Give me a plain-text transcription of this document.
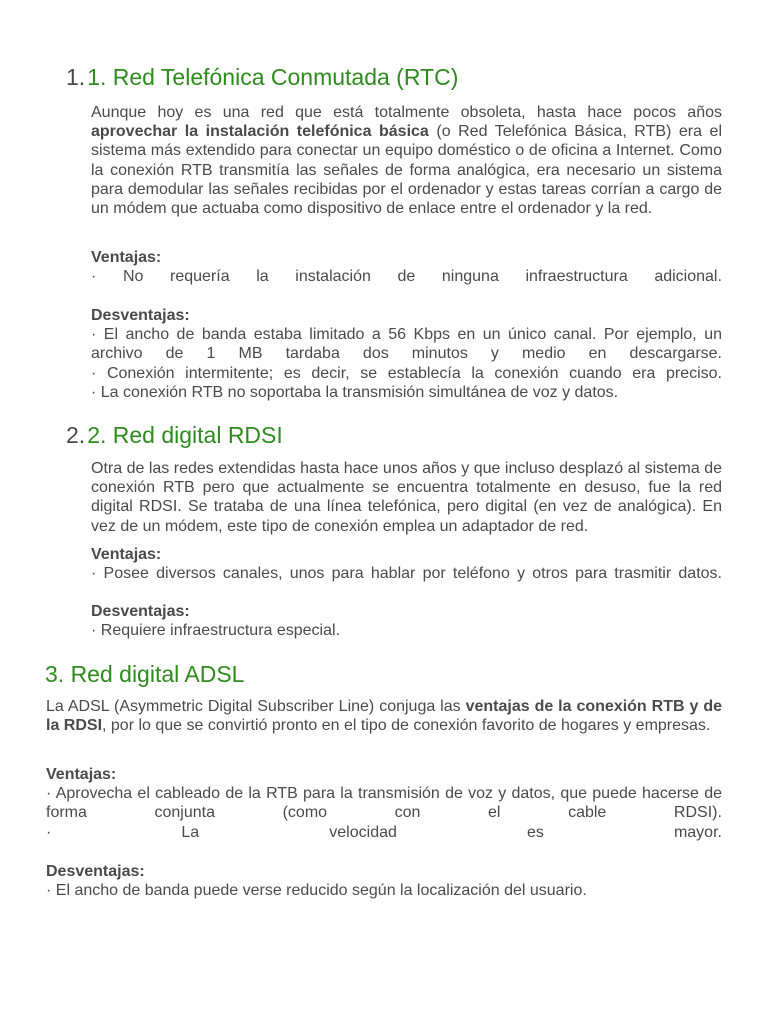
1.1. Red Telefónica Conmutada (RTC)

Aunque hoy es una red que está totalmente obsoleta, hasta hace pocos años aprovechar la instalación telefónica básica (o Red Telefónica Básica, RTB) era el sistema más extendido para conectar un equipo doméstico o de oficina a Internet. Como la conexión RTB transmitía las señales de forma analógica, era necesario un sistema para demodular las señales recibidas por el ordenador y estas tareas corrían a cargo de un módem que actuaba como dispositivo de enlace entre el ordenador y la red.

Ventajas:

· No requería la instalación de ninguna infraestructura adicional.

Desventajas:

· El ancho de banda estaba limitado a 56 Kbps en un único canal. Por ejemplo, un
archivo de 1 MB tardaba dos minutos y medio en descargarse.
· Conexión intermitente; es decir, se establecía la conexión cuando era preciso.
· La conexión RTB no soportaba la transmisión simultánea de voz y datos.
2.2. Red digital RDSI

Otra de las redes extendidas hasta hace unos años y que incluso desplazó al sistema de conexión RTB pero que actualmente se encuentra totalmente en desuso, fue la red digital RDSI. Se trataba de una línea telefónica, pero digital (en vez de analógica). En vez de un módem, este tipo de conexión emplea un adaptador de red.

Ventajas:

· Posee diversos canales, unos para hablar por teléfono y otros para trasmitir datos.

Desventajas:

· Requiere infraestructura especial.
3. Red digital ADSL

La ADSL (Asymmetric Digital Subscriber Line) conjuga las ventajas de la conexión RTB y de la RDSI, por lo que se convirtió pronto en el tipo de conexión favorito de hogares y empresas.

Ventajas:

· Aprovecha el cableado de la RTB para la transmisión de voz y datos, que puede hacerse de
forma	conjunta	(como	con	el	cable	RDSI).
·	La	velocidad	es	mayor.

Desventajas:

· El ancho de banda puede verse reducido según la localización del usuario.
